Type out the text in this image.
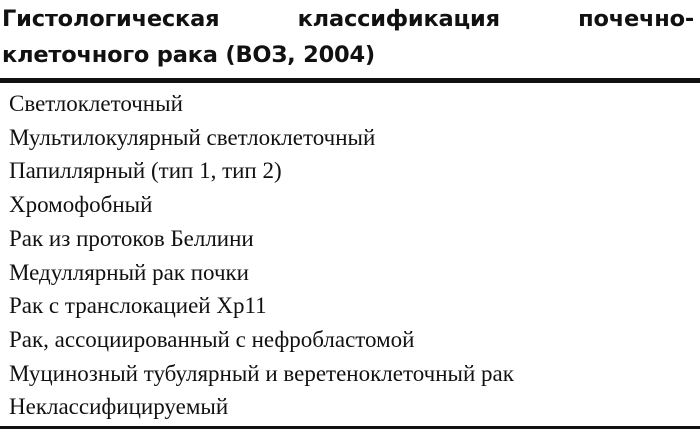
Гистологическая классификация почечно-клеточного рака (ВОЗ, 2004)
Светлоклеточный
Мультилокулярный светлоклеточный
Папиллярный (тип 1, тип 2)
Хромофобный
Рак из протоков Беллини
Медуллярный рак почки
Рак с транслокацией Xp11
Рак, ассоциированный с нефробластомой
Муцинозный тубулярный и веретеноклеточный рак
Неклассифицируемый
